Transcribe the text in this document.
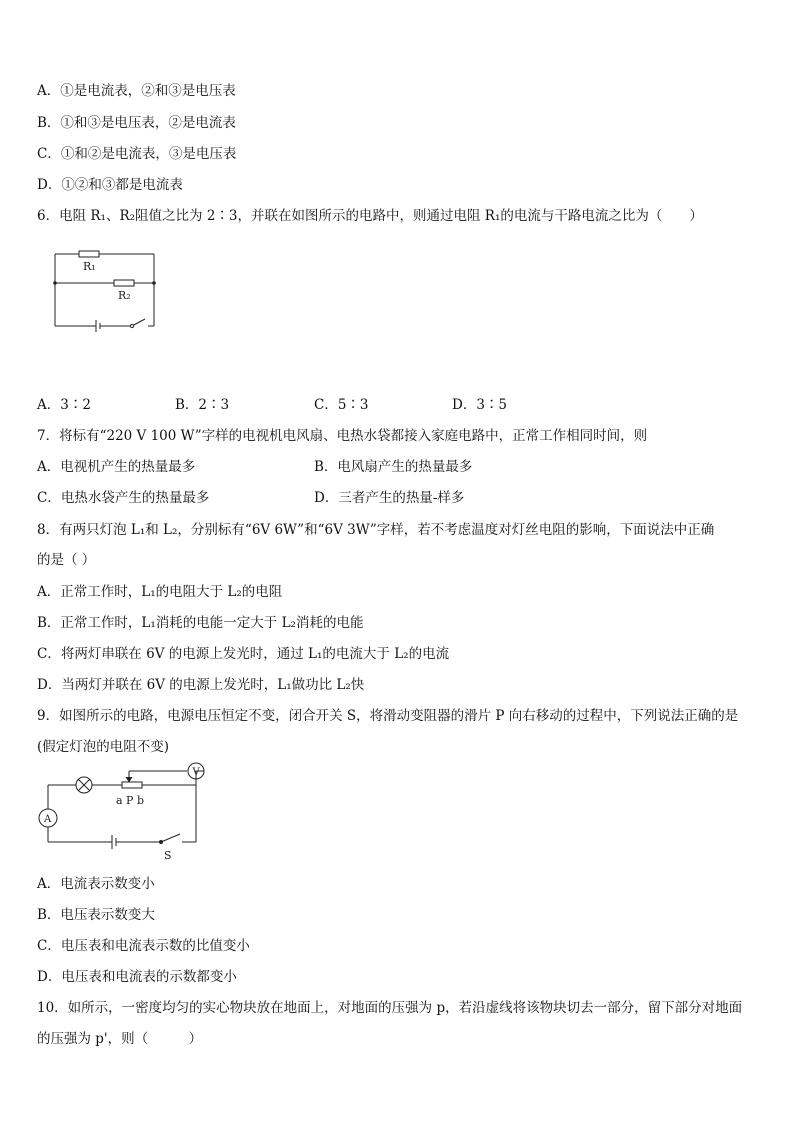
A．①是电流表，②和③是电压表
B．①和③是电压表，②是电流表
C．①和②是电流表，③是电压表
D．①②和③都是电流表
6．电阻 R₁、R₂阻值之比为 2∶3，并联在如图所示的电路中，则通过电阻 R₁的电流与干路电流之比为（　　）
R₁
R₂
A．3∶2	B．2∶3	C．5∶3	D．3∶5
7．将标有“220 V 100 W”字样的电视机电风扇、电热水袋都接入家庭电路中，正常工作相同时间，则
A．电视机产生的热量最多	B．电风扇产生的热量最多
C．电热水袋产生的热量最多	D．三者产生的热量-样多
8．有两只灯泡 L₁和 L₂，分别标有“6V 6W”和“6V 3W”字样，若不考虑温度对灯丝电阻的影响，下面说法中正确
的是（ ）
A．正常工作时，L₁的电阻大于 L₂的电阻
B．正常工作时，L₁消耗的电能一定大于 L₂消耗的电能
C．将两灯串联在 6V 的电源上发光时，通过 L₁的电流大于 L₂的电流
D．当两灯并联在 6V 的电源上发光时，L₁做功比 L₂快
9．如图所示的电路，电源电压恒定不变，闭合开关 S，将滑动变阻器的滑片 P 向右移动的过程中，下列说法正确的是
(假定灯泡的电阻不变)
V
A
a P b
S
A．电流表示数变小
B．电压表示数变大
C．电压表和电流表示数的比值变小
D．电压表和电流表的示数都变小
10．如所示，一密度均匀的实心物块放在地面上，对地面的压强为 p，若沿虚线将该物块切去一部分，留下部分对地面
的压强为 p'，则（　　　）
